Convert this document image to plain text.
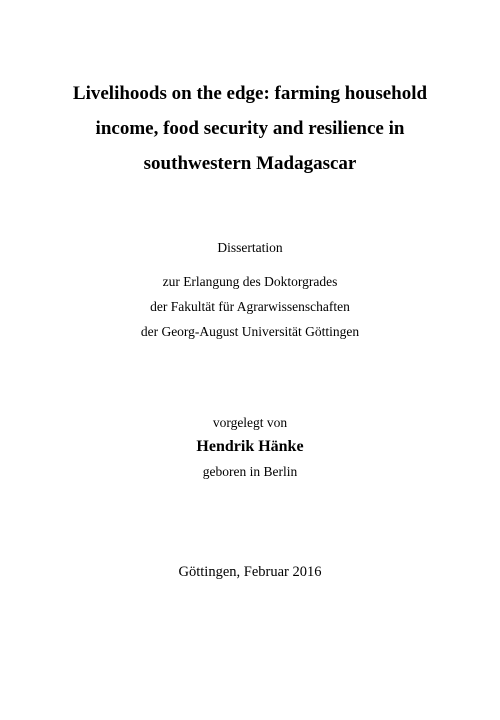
Livelihoods on the edge: farming household
income, food security and resilience in
southwestern Madagascar
Dissertation
zur Erlangung des Doktorgrades
der Fakultät für Agrarwissenschaften
der Georg-August Universität Göttingen
vorgelegt von
Hendrik Hänke
geboren in Berlin
Göttingen, Februar 2016
